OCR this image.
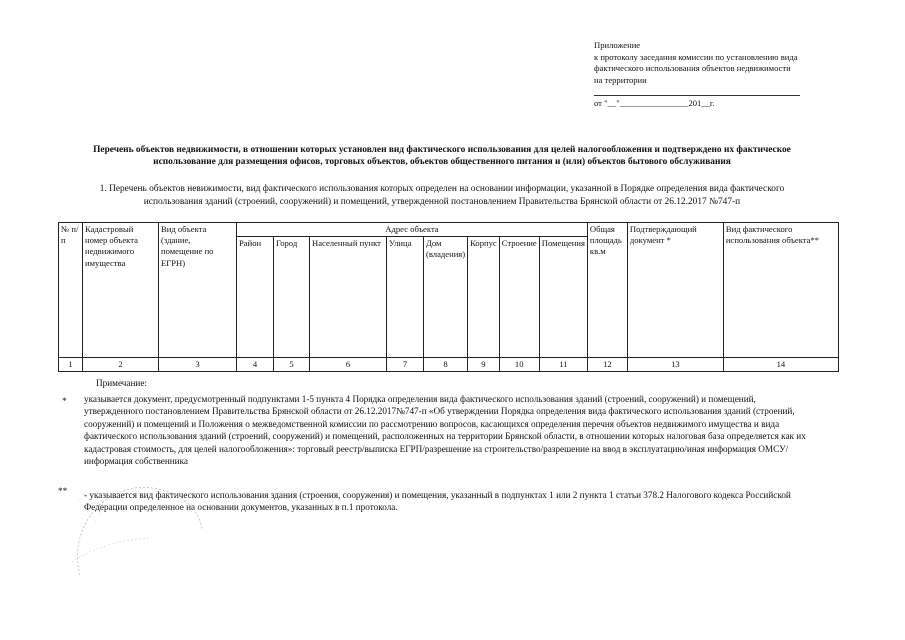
Приложение
к протоколу заседания комиссии по установлению вида
фактического использования объектов недвижимости
на территории
от "__"________________201__г.
Перечень объектов недвижимости, в отношении которых установлен вид фактического использования для целей налогообложения и подтверждено их фактическое использование для размещения офисов, торговых объектов, объектов общественного питания и (или) объектов бытового обслуживания
1. Перечень объектов невижимости, вид фактического использования которых определен на основании информации, указанной в Порядке определения вида фактического использования зданий (строений, сооружений) и помещений, утвержденной постановлением Правительства Брянской области от 26.12.2017 №747-п
№ п/п	Кадастровый номер объекта недвижимого имущества	Вид объекта (здание, помещение по ЕГРН)	Адрес объекта								Общая площадь кв.м	Подтверждающий документ *	Вид фактического использования объекта**
			Район	Город	Населенный пункт	Улица	Дом (владения)	Корпус	Строение	Помещения			
1	2	3	4	5	6	7	8	9	10	11	12	13	14
Примечание:
* указывается документ, предусмотренный подпунктами 1-5 пункта 4 Порядка определения вида фактического использования зданий (строений, сооружений) и помещений, утвержденного постановлением Правительства Брянской области от 26.12.2017№747-п «Об утверждении Порядка определения вида фактического использования зданий (строений, сооружений) и помещений и Положения о межведомственной комиссии по рассмотрению вопросов, касающихся определения перечня объектов недвижимого имущества и вида фактического использования зданий (строений, сооружений) и помещений, расположенных на территории Брянской области, в отношении которых налоговая база определяется как их кадастровая стоимость, для целей налогообложения»: торговый реестр/выписка ЕГРП/разрешение на строительство/разрешение на ввод в эксплуатацию/иная информация ОМСУ/информация собственника
** - указывается вид фактического использования здания (строения, сооружения) и помещения, указанный в подпунктах 1 или 2 пункта 1 статьи 378.2 Налогового кодекса Российской Федерации определенное на основании документов, указанных в п.1 протокола.
